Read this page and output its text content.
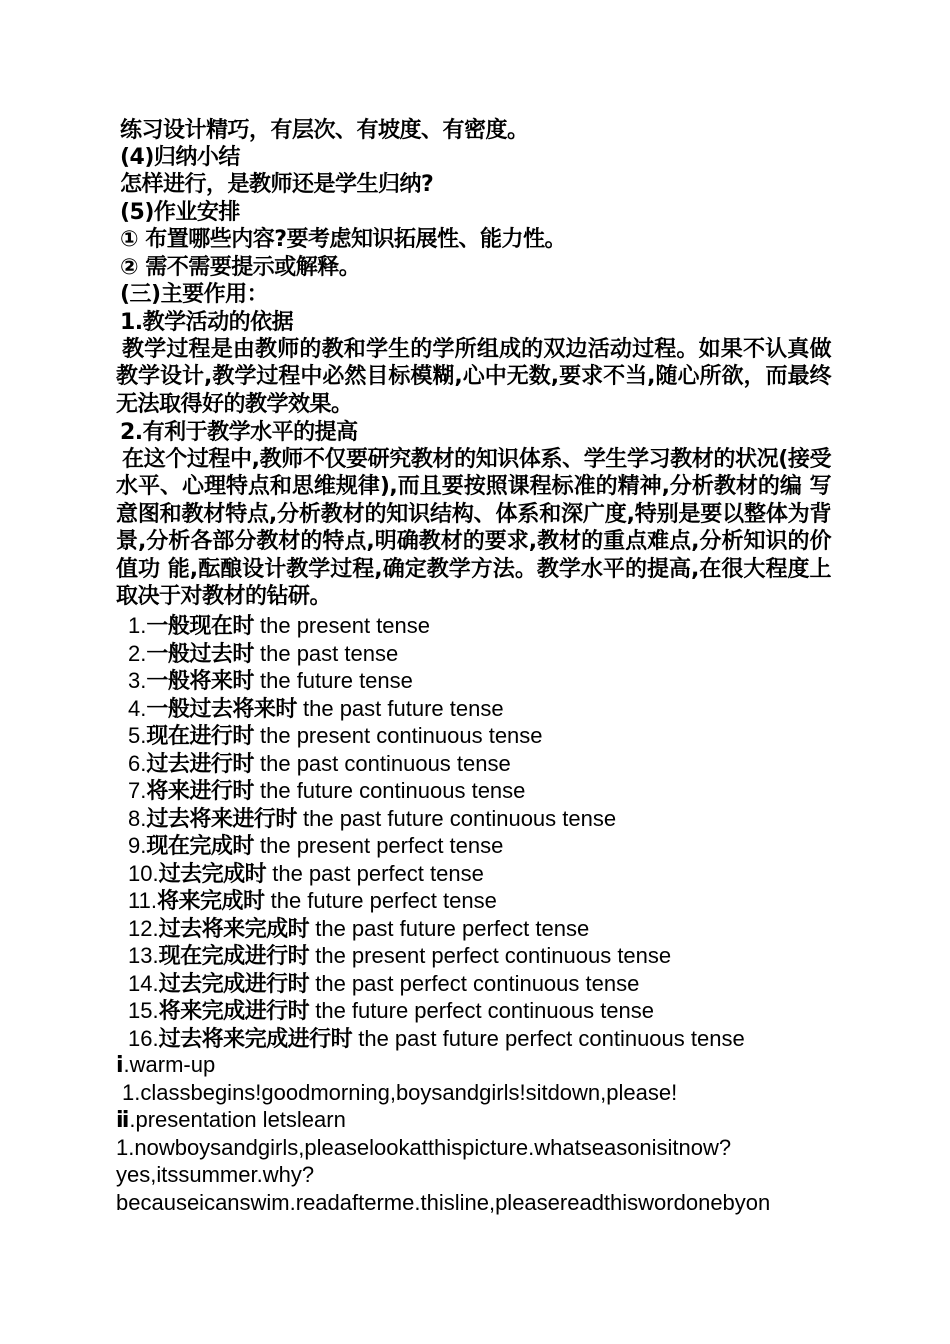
练习设计精巧，有层次、有坡度、有密度。
(4)归纳小结
怎样进行，是教师还是学生归纳?
(5)作业安排
① 布置哪些内容?要考虑知识拓展性、能力性。
② 需不需要提示或解释。
(三)主要作用：
1.教学活动的依据
教学过程是由教师的教和学生的学所组成的双边活动过程。如果不认真做教学设计,教学过程中必然目标模糊,心中无数,要求不当,随心所欲，而最终无法取得好的教学效果。
2.有利于教学水平的提高
在这个过程中,教师不仅要研究教材的知识体系、学生学习教材的状况(接受水平、心理特点和思维规律),而且要按照课程标准的精神,分析教材的编 写意图和教材特点,分析教材的知识结构、体系和深广度,特别是要以整体为背景,分析各部分教材的特点,明确教材的要求,教材的重点难点,分析知识的价值功 能,酝酿设计教学过程,确定教学方法。教学水平的提高,在很大程度上取决于对教材的钻研。
1.一般现在时 the present tense
2.一般过去时 the past tense
3.一般将来时 the future tense
4.一般过去将来时 the past future tense
5.现在进行时 the present continuous tense
6.过去进行时 the past continuous tense
7.将来进行时 the future continuous tense
8.过去将来进行时 the past future continuous tense
9.现在完成时 the present perfect tense
10.过去完成时 the past perfect tense
11.将来完成时 the future perfect tense
12.过去将来完成时 the past future perfect tense
13.现在完成进行时 the present perfect continuous tense
14.过去完成进行时 the past perfect continuous tense
15.将来完成进行时 the future perfect continuous tense
16.过去将来完成进行时 the past future perfect continuous tense
ⅰ.warm-up
1.classbegins!goodmorning,boysandgirls!sitdown,please!
ⅱ.presentation letslearn
1.nowboysandgirls,pleaselookatthispicture.whatseasonisitnow?
yes,itssummer.why?
becauseicanswim.readafterme.thisline,pleasereadthiswordonebyon
